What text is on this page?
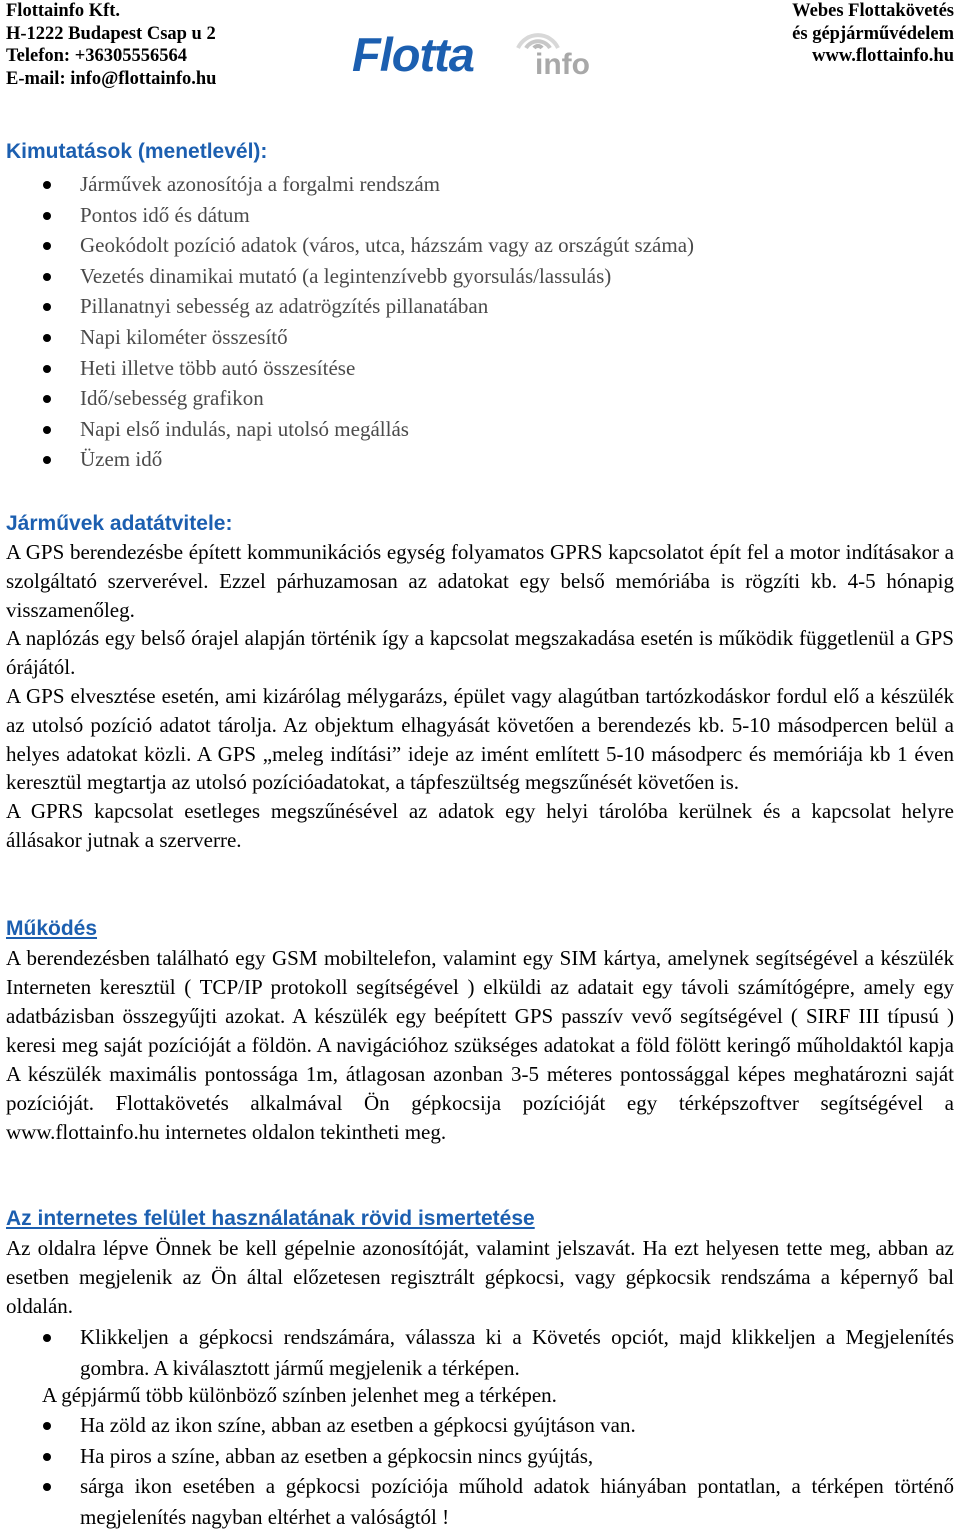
Flottainfo Kft.
H-1222 Budapest Csap u 2
Telefon: +36305556564
E-mail: info@flottainfo.hu	Flotta info
Webes Flottakövetés
és gépjárművédelem
www.flottainfo.hu
Kimutatások (menetlevél):
Járművek azonosítója a forgalmi rendszám
Pontos idő és dátum
Geokódolt pozíció adatok (város, utca, házszám vagy az országút száma)
Vezetés dinamikai mutató (a legintenzívebb gyorsulás/lassulás)
Pillanatnyi sebesség az adatrögzítés pillanatában
Napi kilométer összesítő
Heti illetve több autó összesítése
Idő/sebesség grafikon
Napi első indulás, napi utolsó megállás
Üzem idő
Járművek adatátvitele:
A GPS berendezésbe épített kommunikációs egység folyamatos GPRS kapcsolatot épít fel a motor indításakor a szolgáltató szerverével. Ezzel párhuzamosan az adatokat egy belső memóriába is rögzíti kb. 4-5 hónapig visszamenőleg.
A naplózás egy belső órajel alapján történik így a kapcsolat megszakadása esetén is működik függetlenül a GPS órájától.
A GPS elvesztése esetén, ami kizárólag mélygarázs, épület vagy alagútban tartózkodáskor fordul elő a készülék az utolsó pozíció adatot tárolja. Az objektum elhagyását követően a berendezés kb. 5-10 másodpercen belül a helyes adatokat közli. A GPS „meleg indítási” ideje az imént említett 5-10 másodperc és memóriája kb 1 éven keresztül megtartja az utolsó pozícióadatokat, a tápfeszültség megszűnését követően is.
A GPRS kapcsolat esetleges megszűnésével az adatok egy helyi tárolóba kerülnek és a kapcsolat helyre állásakor jutnak a szerverre.
Működés
A berendezésben található egy GSM mobiltelefon, valamint egy SIM kártya, amelynek segítségével a készülék Interneten keresztül ( TCP/IP protokoll segítségével ) elküldi az adatait egy távoli számítógépre, amely egy adatbázisban összegyűjti azokat. A készülék egy beépített GPS passzív vevő segítségével ( SIRF III típusú ) keresi meg saját pozícióját a földön. A navigációhoz szükséges adatokat a föld fölött keringő műholdaktól kapja A készülék maximális pontossága 1m, átlagosan azonban 3-5 méteres pontossággal képes meghatározni saját pozícióját. Flottakövetés alkalmával Ön gépkocsija pozícióját egy térképszoftver segítségével a www.flottainfo.hu internetes oldalon tekintheti meg.
Az internetes felület használatának rövid ismertetése
Az oldalra lépve Önnek be kell gépelnie azonosítóját, valamint jelszavát. Ha ezt helyesen tette meg, abban az esetben megjelenik az Ön által előzetesen regisztrált gépkocsi, vagy gépkocsik rendszáma a képernyő bal oldalán.
Klikkeljen a gépkocsi rendszámára, válassza ki a Követés opciót, majd klikkeljen a Megjelenítés gombra. A kiválasztott jármű megjelenik a térképen.
A gépjármű több különböző színben jelenhet meg a térképen.
Ha zöld az ikon színe, abban az esetben a gépkocsi gyújtáson van.
Ha piros a színe, abban az esetben a gépkocsin nincs gyújtás,
sárga ikon esetében a gépkocsi pozíciója műhold adatok hiányában pontatlan, a térképen történő megjelenítés nagyban eltérhet a valóságtól !
